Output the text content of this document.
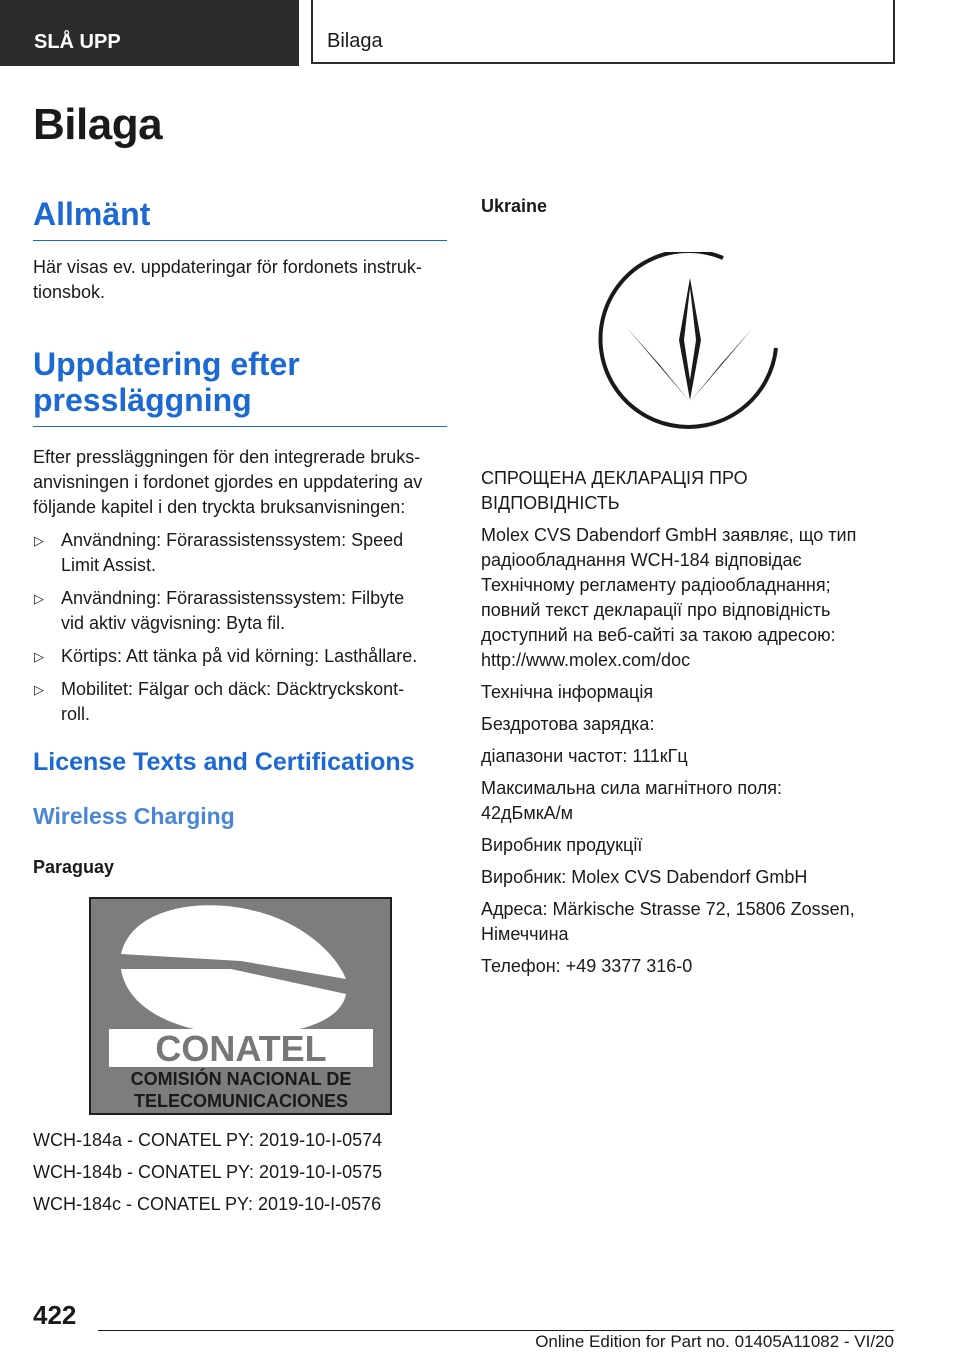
SLÅ UPP	Bilaga
Bilaga
Allmänt

Här visas ev. uppdateringar för fordonets instruk-
tionsbok.

Uppdatering efter
pressläggning

Efter pressläggningen för den integrerade bruks-
anvisningen i fordonet gjordes en uppdatering av
följande kapitel i den tryckta bruksanvisningen:

▷ Användning: Förarassistenssystem: Speed
Limit Assist.
▷ Användning: Förarassistenssystem: Filbyte
vid aktiv vägvisning: Byta fil.
▷ Körtips: Att tänka på vid körning: Lasthållare.
▷ Mobilitet: Fälgar och däck: Däcktryckskont-
roll.
License Texts and Certifications
Wireless Charging
Paraguay

WCH-184a - CONATEL PY: 2019-10-I-0574

WCH-184b - CONATEL PY: 2019-10-I-0575

WCH-184c - CONATEL PY: 2019-10-I-0576

CONATEL
COMISIÓN NACIONAL DE
TELECOMUNICACIONES
Ukraine

СПРОЩЕНА ДЕКЛАРАЦІЯ ПРО
ВІДПОВІДНІСТЬ

Molex CVS Dabendorf GmbH заявляє, що тип
радіообладнання WCH-184 відповідає
Технічному регламенту радіообладнання;
повний текст декларації про відповідність
доступний на веб-сайті за такою адресою:
http://www.molex.com/doc

Технічна інформація

Бездротова зарядка:

діапазони частот: 111кГц

Максимальна сила магнітного поля:
42дБмкА/м

Виробник продукції

Виробник: Molex CVS Dabendorf GmbH

Адреса: Märkische Strasse 72, 15806 Zossen,
Німеччина

Телефон: +49 3377 316-0

422
Online Edition for Part no. 01405A11082 - VI/20
